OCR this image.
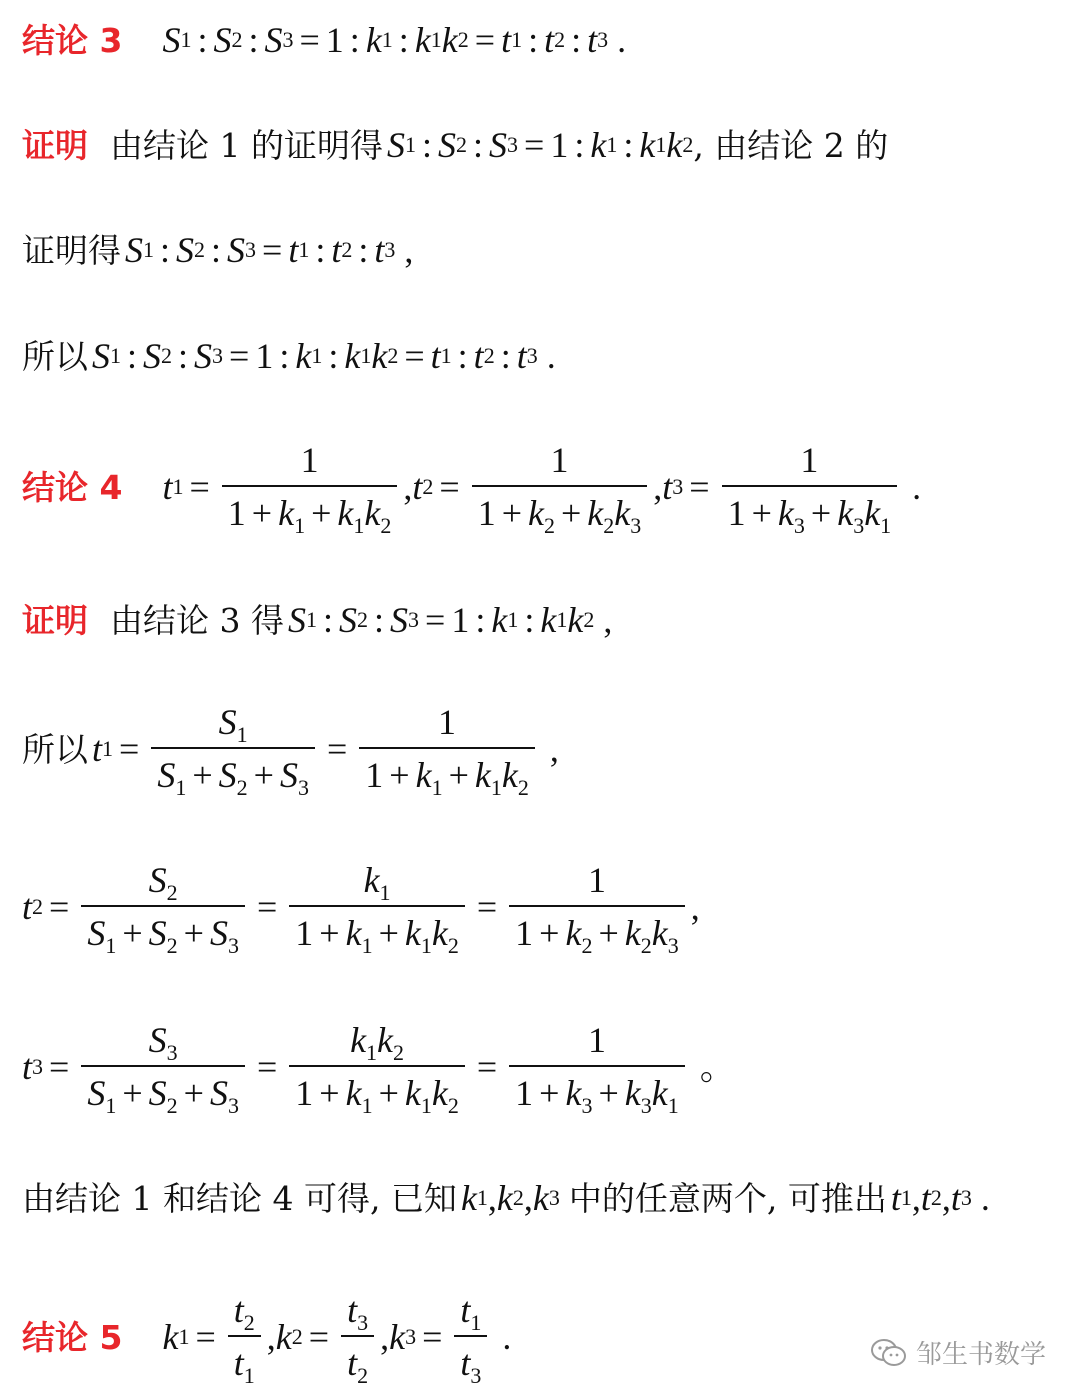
结论 3 S 1 : S 2 : S 3 = 1 : k 1 : k 1 k 2 = t 1 : t 2 : t 3 .
证明 由结论 1 的证明得 S 1 : S 2 : S 3 = 1 : k 1 : k 1 k 2 , 由结论 2 的
证明得 S 1 : S 2 : S 3 = t 1 : t 2 : t 3 ,
所以 S 1 : S 2 : S 3 = 1 : k 1 : k 1 k 2 = t 1 : t 2 : t 3 .
结论 4 t $1 = \frac{1}{1 + k_1 + k_1k_2}$ , t $2 = \frac{1}{1 + k_2 + k_2k_3}$ , t $3 = \frac{1}{1 + k_3 + k_3k_1}$ .
证明 由结论 3 得 S 1 : S 2 : S 3 = 1 : k 1 : k 1 k 2 ,
所以 t $1 = \frac{S_1}{S_1 + S_2 + S_3} = \frac{1}{1 + k_1 + k_1k_2}$ ,
t $2 = \frac{S_2}{S_1 + S_2 + S_3} = \frac{k_1}{1 + k_1 + k_1k_2} = \frac{1}{1 + k_2 + k_2k_3}$ ,
t $3 = \frac{S_3}{S_1 + S_2 + S_3} = \frac{k_1k_2}{1 + k_1 + k_1k_2} = \frac{1}{1 + k_3 + k_3k_1}$ 。
由结论 1 和结论 4 可得, 已知 k 1 , k 2 , k 3
中的任意两个, 可推出 t 1 , t 2 , t 3 .
结论 5 k $1 = \frac{t_2}{t_1}$ , k $2 = \frac{t_3}{t_2}$ , k $3 = \frac{t_1}{t_3}$ .	邹生书数学
